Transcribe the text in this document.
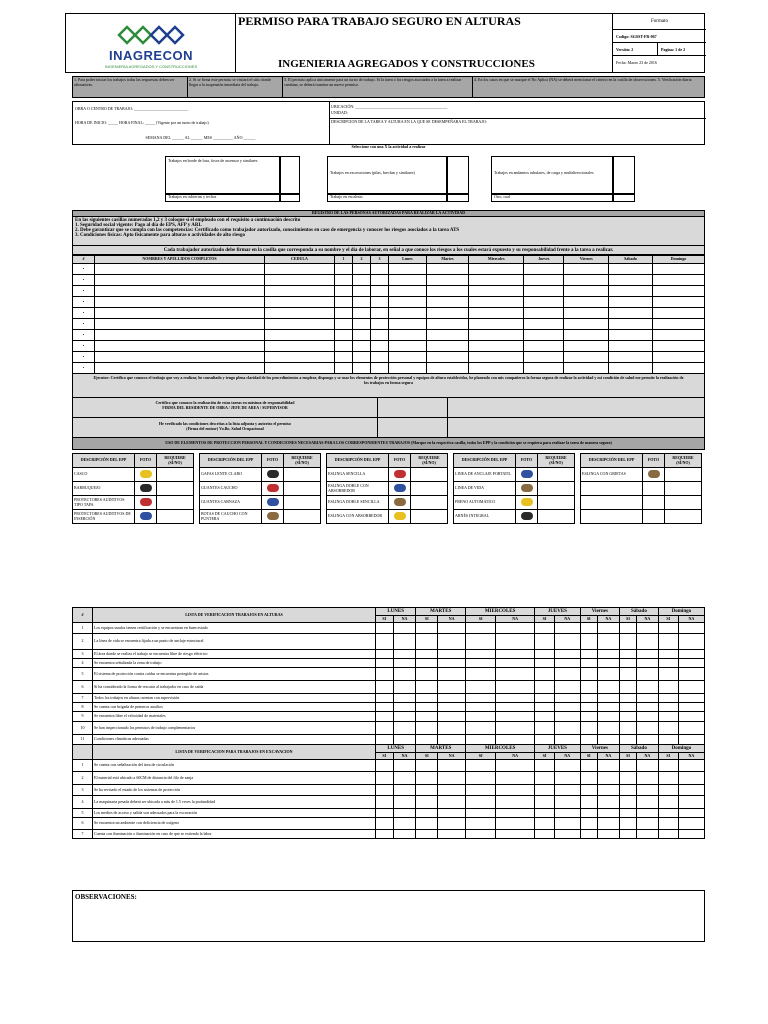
INAGRECON
INGENIERIA AGREGADOS Y CONSTRUCCIONES
PERMISO PARA TRABAJO SEGURO EN ALTURAS
INGENIERIA AGREGADOS Y CONSTRUCCIONES
Formato
Codigo: SGSST-FR-067
Versión: 2	Pagina: 1 de 2
Fecha: Marzo 23 de 2016
1. Para poder iniciar los trabajos todas las respuestas deben ser afirmativas.
2. Si se firma este permiso se visitará el sitio donde llegar a la suspensión inmediata del trabajo.
3. El permiso aplica únicamente para un turno de trabajo. Si la tarea o los riesgos asociados a la tarea a realizar cambian, se deberá tramitar un nuevo permiso.
4. En los casos en que se marque el No Aplica (NA) se deberá mencionar el criterio en la casilla de observaciones. 5. Verificación diaria
OBRA O CENTRO DE TRABAJO: ___________________________
HORA DE INICIO: _____ HORA FINAL: _____ (Vigente por un turno de trabajo)
SEMANA DEL ______ AL ______ MES __________ AÑO ______
UBICACIÓN: ______________________________________________
UNIDAD:
DESCRIPCION DE LA TAREA Y ALTURA EN LA QUE SE DESEMPEÑARA EL TRABAJO:
Seleccione con una X la actividad a realizar
Trabajos en borde de losa, fosos de ascensor y similares
Trabajos en cubiertas y techos
Trabajos en excavaciones (pilas, brechas y similares)
Trabajo en escaleras
Trabajos en andamios tubulares, de carga y multidireccionales
Otro, cual
REGISTRO DE LAS PERSONAS AUTORIZADAS PARA REALIZAR LA ACTIVIDAD
En las siguientes casillas numeradas 1,2 y 3 coloque sí el empleado con el requisito a continuación descrito
1. Seguridad social vigente: Pago al día de EPS, AFP y ARL
2. Debe garantizar que se cumpla con las competencias: Certificado como trabajador autorizado, conocimientos en caso de emergencia y conocer los riesgos asociados a la tarea ATS
3. Condiciones físicas: Apto físicamente para alturas o actividades de alto riesgo
Cada trabajador autorizado debe firmar en la casilla que corresponda a su nombre y el día de laborar, en señal a que conoce los riesgos a los cuales estará expuesto y su responsabilidad frente a la tarea a realizar.
#	NOMBRES Y APELLIDOS COMPLETOS	CEDULA	1	2	3	Lunes	Martes	Miercoles	Jueves	Viernes	Sábado	Domingo
•												
•												
•												
•												
•												
•												
•												
•												
•												
•												
Ejecutor: Certifico que conozco el trabajo que voy a realizar, he consultado y tengo plena claridad de los procedimientos a emplear, dispongo y se usar los elementos de protección personal y equipos de altura establecidos, he planeado con mis compañeros la forma segura de realizar la actividad y mi condición de salud me permite la realización de los trabajos en forma segura
Certifico que conozco la realización de estas tareas en máxima de responsabilidad
FIRMA DEL RESIDENTE DE OBRA / JEFE DE AREA / SUPERVISOR
He verificado las condiciones descritas a la lista adjunta y autorizo el permiso
(Firma del emisor) Vo.Bo. Salud Ocupacional
USO DE ELEMENTOS DE PROTECCION PERSONAL Y CONDICIONES NECESARIAS PARA LOS CORRESPONDIENTES TRABAJOS (Marque en la respectiva casilla, todos los EPP y la condición que se requiera para realizar la tarea de manera segura)
DESCRIPCIÓN DEL EPP	FOTO	REQUIERE (SÍ/NO)
CASCO		
BARBUQUEJO		
PROTECTORES AUDITIVOS TIPO TAPA		
PROTECTORES AUDITIVOS DE INSERCIÓN		
DESCRIPCIÓN DEL EPP	FOTO	REQUIERE (SÍ/NO)
GAFAS LENTE CLARO		
GUANTES CAUCHO		
GUANTES CARNAZA		
BOTAS DE CAUCHO CON PUNTERA		
DESCRIPCIÓN DEL EPP	FOTO	REQUIERE (SÍ/NO)
ESLINGA SENCILLA		
ESLINGA DOBLE CON ABSORBEDOR		
ESLINGA DOBLE SENCILLA		
ESLINGA CON ABSORBEDOR		
DESCRIPCIÓN DEL EPP	FOTO	REQUIERE (SÍ/NO)
LINEA DE ANCLAJE PORTATIL		
LINEA DE VIDA		
FRENO AUTOMATICO		
ARNÉS INTEGRAL		
DESCRIPCIÓN DEL EPP	FOTO	REQUIERE (SÍ/NO)
ESLINGA CON GRIETAS		

#	LISTA DE VERIFICACION TRABAJOS EN ALTURAS	LUNES		MARTES		MIERCOLES		JUEVES		Viernes		Sábado		Domingo	
		SI	NA	SI	NA	SI	NA	SI	NA	SI	NA	SI	NA	SI	NA
1	Los equipos usados tienen certificación y se encuentran en buen estado														
2	La línea de vida se encuentra fijada a un punto de anclaje estructural														
3	El área donde se realiza el trabajo se encuentra libre de riesgo eléctrico														
4	Se encuentra señalizada la zona de trabajo														
5	El sistema de protección contra caídas se encuentra protegido de aristas														
6	Si ha considerado la forma de rescatar al trabajador en caso de caída														
7	Todos los trabajos en alturas cuentan con supervisión														
8	Se cuenta con brigada de primeros auxilios														
9	Se encuentra libre el velocidad de materiales														
10	Se han inspeccionado los permisos de trabajo complementarios														
11	Condiciones climáticas adecuadas														
	LISTA DE VERIFICACION PARA TRABAJOS EN EXCAVACION	LUNES		MARTES		MIERCOLES		JUEVES		Viernes		Sábado		Domingo	
		SI	NA	SI	NA	SI	NA	SI	NA	SI	NA	SI	NA	SI	NA
1	Se cuenta con señalización del área de circulación														
2	El material está ubicado a 60CM de distancia del filo de zanja														
3	Se ha revisado el estado de los sistemas de protección														
4	La maquinaria pesada deberá ser ubicada a más de 1.5 veces la profundidad														
5	Los medios de acceso y salida son adecuados para la excavación														
6	Se encuentra un ambiente con deficiencia de oxígeno														
7	Cuenta con iluminación o iluminación en caso de que se extienda la labor														
OBSERVACIONES:
